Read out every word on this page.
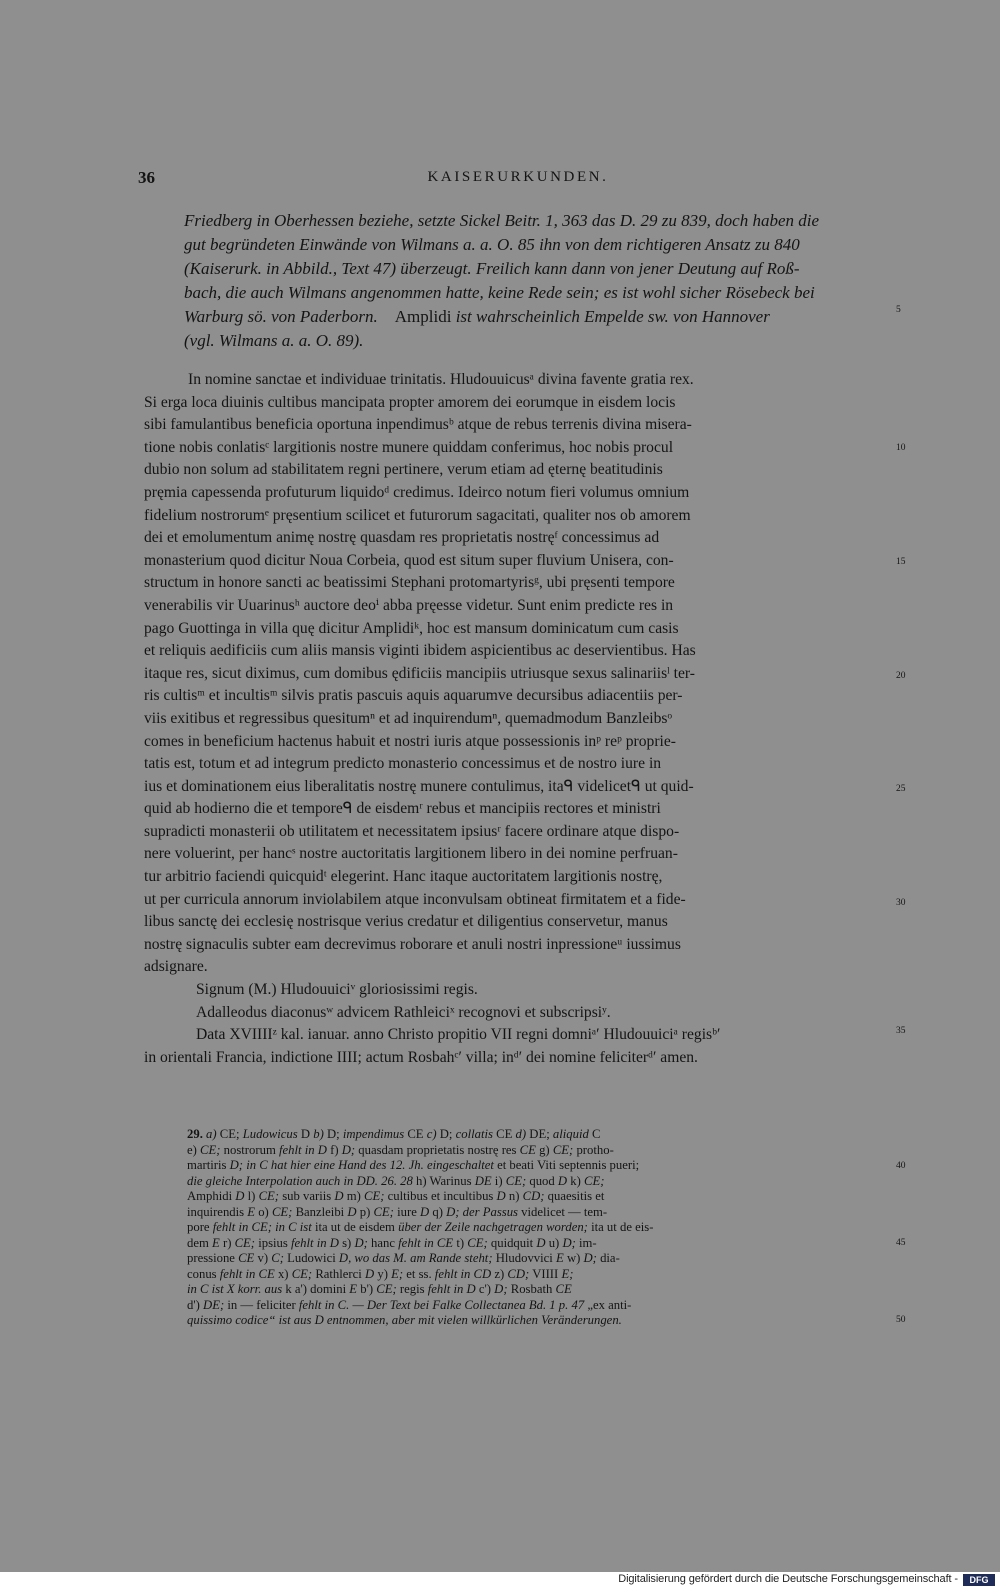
36	KAISERURKUNDEN.
Friedberg in Oberhessen beziehe, setzte Sickel Beitr. 1, 363 das D. 29 zu 839, doch haben die
gut begründeten Einwände von Wilmans a. a. O. 85 ihn von dem richtigeren Ansatz zu 840
(Kaiserurk. in Abbild., Text 47) überzeugt. Freilich kann dann von jener Deutung auf Roß-
bach, die auch Wilmans angenommen hatte, keine Rede sein; es ist wohl sicher Rösebeck bei
Warburg sö. von Paderborn. Amplidi ist wahrscheinlich Empelde sw. von Hannover
(vgl. Wilmans a. a. O. 89).
In nomine sanctae et individuae trinitatis. Hludouuicusᵃ divina favente gratia rex.
Si erga loca diuinis cultibus mancipata propter amorem dei eorumque in eisdem locis
sibi famulantibus beneficia oportuna inpendimusᵇ atque de rebus terrenis divina misera-
tione nobis conlatisᶜ largitionis nostre munere quiddam conferimus, hoc nobis procul
dubio non solum ad stabilitatem regni pertinere, verum etiam ad ęternę beatitudinis
pręmia capessenda profuturum liquidoᵈ credimus. Ideirco notum fieri volumus omnium
fidelium nostrorumᵉ pręsentium scilicet et futurorum sagacitati, qualiter nos ob amorem
dei et emolumentum animę nostrę quasdam res proprietatis nostręᶠ concessimus ad
monasterium quod dicitur Noua Corbeia, quod est situm super fluvium Unisera, con-
structum in honore sancti ac beatissimi Stephani protomartyrisᵍ, ubi pręsenti tempore
venerabilis vir Uuarinusʰ auctore deoⁱ abba pręesse videtur. Sunt enim predicte res in
pago Guottinga in villa quę dicitur Amplidiᵏ, hoc est mansum dominicatum cum casis
et reliquis aedificiis cum aliis mansis viginti ibidem aspicientibus ac deservientibus. Has
itaque res, sicut diximus, cum domibus ędificiis mancipiis utriusque sexus salinariisˡ ter-
ris cultisᵐ et incultisᵐ silvis pratis pascuis aquis aquarumve decursibus adiacentiis per-
viis exitibus et regressibus quesitumⁿ et ad inquirendumⁿ, quemadmodum Banzleibsᵒ
comes in beneficium hactenus habuit et nostri iuris atque possessionis inᵖ reᵖ proprie-
tatis est, totum et ad integrum predicto monasterio concessimus et de nostro iure in
ius et dominationem eius liberalitatis nostrę munere contulimus, itaᑫ videlicetᑫ ut quid-
quid ab hodierno die et temporeᑫ de eisdemʳ rebus et mancipiis rectores et ministri
supradicti monasterii ob utilitatem et necessitatem ipsiusʳ facere ordinare atque dispo-
nere voluerint, per hancˢ nostre auctoritatis largitionem libero in dei nomine perfruan-
tur arbitrio faciendi quicquidᵗ elegerint. Hanc itaque auctoritatem largitionis nostrę,
ut per curricula annorum inviolabilem atque inconvulsam obtineat firmitatem et a fide-
libus sanctę dei ecclesię nostrisque verius credatur et diligentius conservetur, manus
nostrę signaculis subter eam decrevimus roborare et anuli nostri inpressioneᵘ iussimus
adsignare.
Signum (M.) Hludouuiciᵛ gloriosissimi regis.
Adalleodus diaconusʷ advicem Rathleiciˣ recognovi et subscripsiʸ.
Data XVIIIIᶻ kal. ianuar. anno Christo propitio VII regni domniᵃ′ Hludouuiciᵃ regisᵇ′
in orientali Francia, indictione IIII; actum Rosbahᶜ′ villa; inᵈ′ dei nomine feliciterᵈ′ amen.
29. a) CE; Ludowicus D b) D; impendimus CE c) D; collatis CE d) DE; aliquid C
e) CE; nostrorum fehlt in D f) D; quasdam proprietatis nostrę res CE g) CE; protho-
martiris D; in C hat hier eine Hand des 12. Jh. eingeschaltet et beati Viti septennis pueri;
die gleiche Interpolation auch in DD. 26. 28 h) Warinus DE i) CE; quod D k) CE;
Amphidi D l) CE; sub variis D m) CE; cultibus et incultibus D n) CD; quaesitis et
inquirendis E o) CE; Banzleibi D p) CE; iure D q) D; der Passus videlicet — tem-
pore fehlt in CE; in C ist ita ut de eisdem über der Zeile nachgetragen worden; ita ut de eis-
dem E r) CE; ipsius fehlt in D s) D; hanc fehlt in CE t) CE; quidquit D u) D; im-
pressione CE v) C; Ludowici D, wo das M. am Rande steht; Hludovvici E w) D; dia-
conus fehlt in CE x) CE; Rathlerci D y) E; et ss. fehlt in CD z) CD; VIIII E;
in C ist X korr. aus k a') domini E b') CE; regis fehlt in D c') D; Rosbath CE
d') DE; in — feliciter fehlt in C. — Der Text bei Falke Collectanea Bd. 1 p. 47 „ex anti-
quissimo codice“ ist aus D entnommen, aber mit vielen willkürlichen Veränderungen.
5
10
15
20
25
30
35
40
45
50
Digitalisierung gefördert durch die Deutsche Forschungsgemeinschaft -	DFG
